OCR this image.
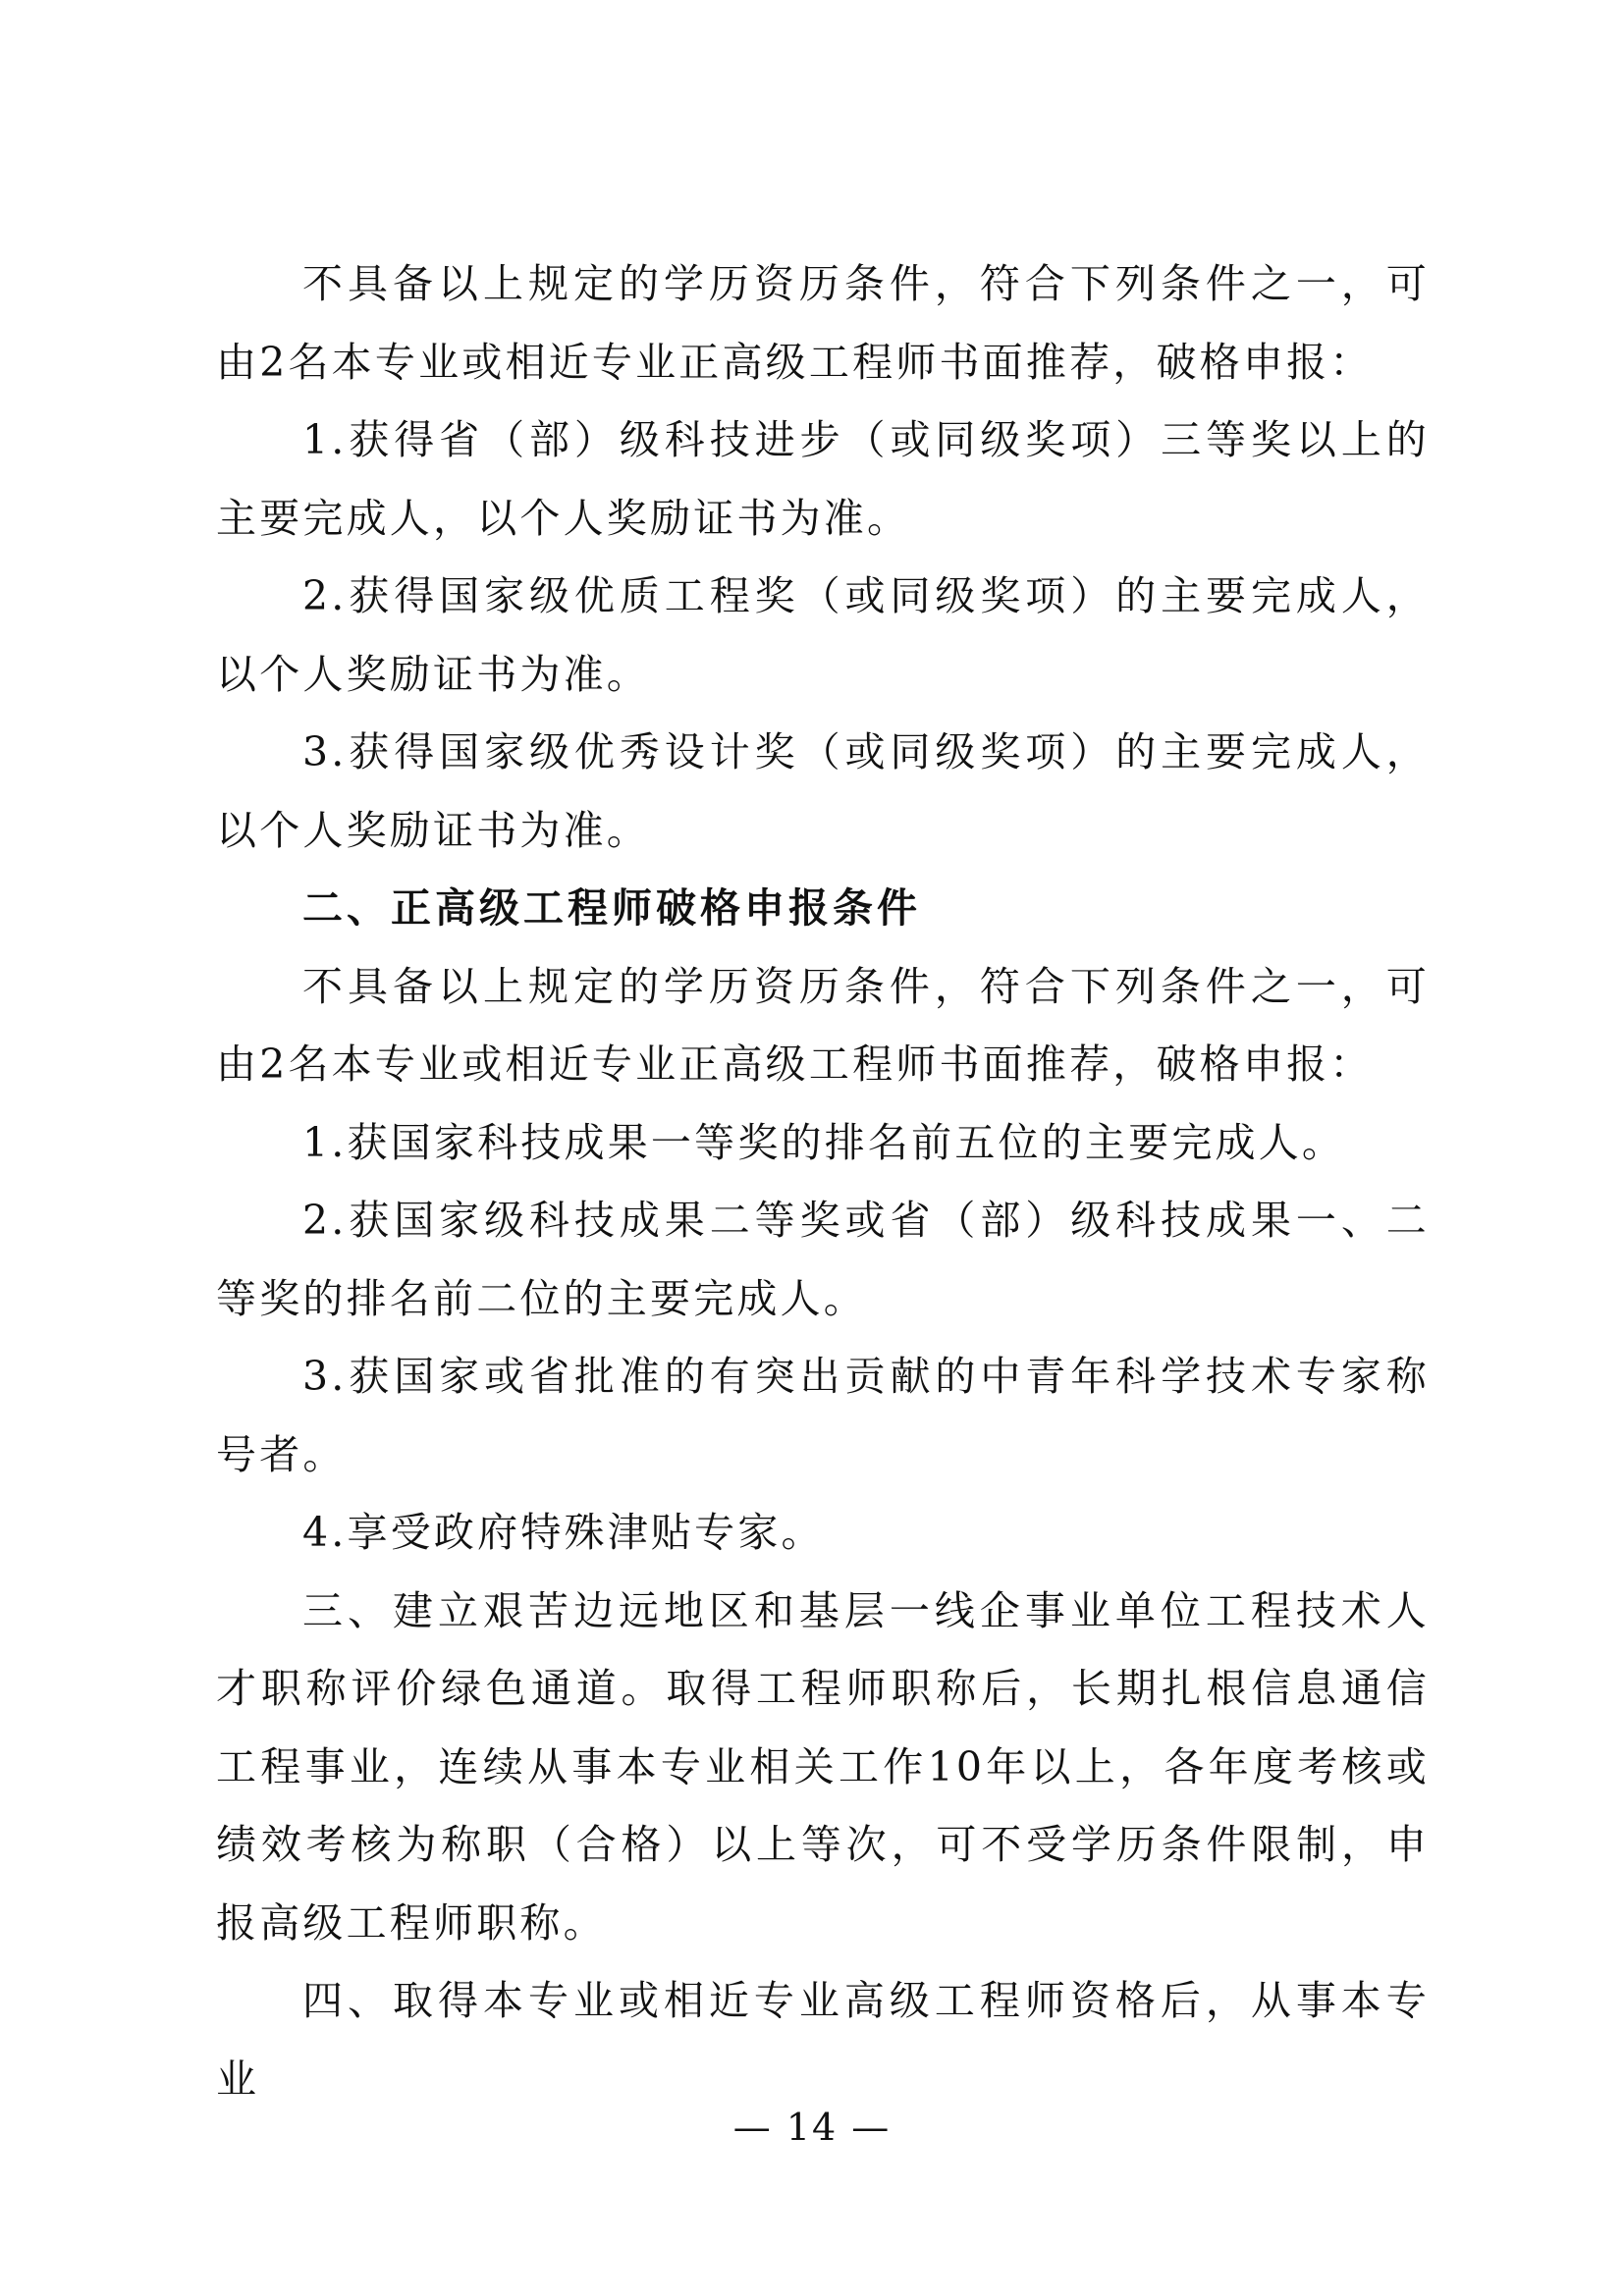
不具备以上规定的学历资历条件，符合下列条件之一，可由2名本专业或相近专业正高级工程师书面推荐，破格申报：

1.获得省（部）级科技进步（或同级奖项）三等奖以上的主要完成人，以个人奖励证书为准。

2.获得国家级优质工程奖（或同级奖项）的主要完成人，以个人奖励证书为准。

3.获得国家级优秀设计奖（或同级奖项）的主要完成人，以个人奖励证书为准。

二、正高级工程师破格申报条件

不具备以上规定的学历资历条件，符合下列条件之一，可由2名本专业或相近专业正高级工程师书面推荐，破格申报：

1.获国家科技成果一等奖的排名前五位的主要完成人。

2.获国家级科技成果二等奖或省（部）级科技成果一、二等奖的排名前二位的主要完成人。

3.获国家或省批准的有突出贡献的中青年科学技术专家称号者。

4.享受政府特殊津贴专家。

三、建立艰苦边远地区和基层一线企事业单位工程技术人才职称评价绿色通道。取得工程师职称后，长期扎根信息通信工程事业，连续从事本专业相关工作10年以上，各年度考核或绩效考核为称职（合格）以上等次，可不受学历条件限制，申报高级工程师职称。

四、取得本专业或相近专业高级工程师资格后，从事本专业

— 14 —
